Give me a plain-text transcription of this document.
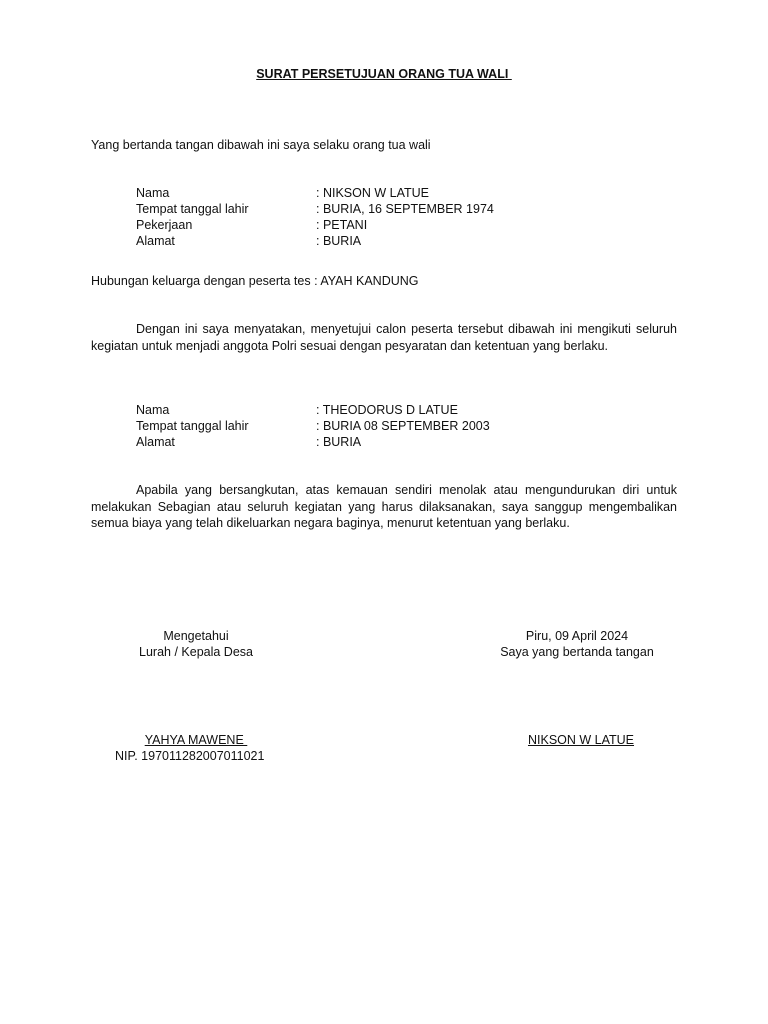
SURAT PERSETUJUAN ORANG TUA WALI
Yang bertanda tangan dibawah ini saya selaku orang tua wali
Nama	: NIKSON W LATUE
Tempat tanggal lahir	: BURIA, 16 SEPTEMBER 1974
Pekerjaan	: PETANI
Alamat	: BURIA
Hubungan keluarga dengan peserta tes : AYAH KANDUNG
Dengan ini saya menyatakan, menyetujui calon peserta tersebut dibawah ini mengikuti seluruh kegiatan untuk menjadi anggota Polri sesuai dengan pesyaratan dan ketentuan yang berlaku.
Nama	: THEODORUS D LATUE
Tempat tanggal lahir	: BURIA 08 SEPTEMBER 2003
Alamat	: BURIA
Apabila yang bersangkutan, atas kemauan sendiri menolak atau mengundurukan diri untuk melakukan Sebagian atau seluruh kegiatan yang harus dilaksanakan, saya sanggup mengembalikan semua biaya yang telah dikeluarkan negara baginya, menurut ketentuan yang berlaku.
Mengetahui
Lurah / Kepala Desa
Piru, 09 April 2024
Saya yang bertanda tangan
YAHYA MAWENE
NIP. 197011282007011021
NIKSON W LATUE
